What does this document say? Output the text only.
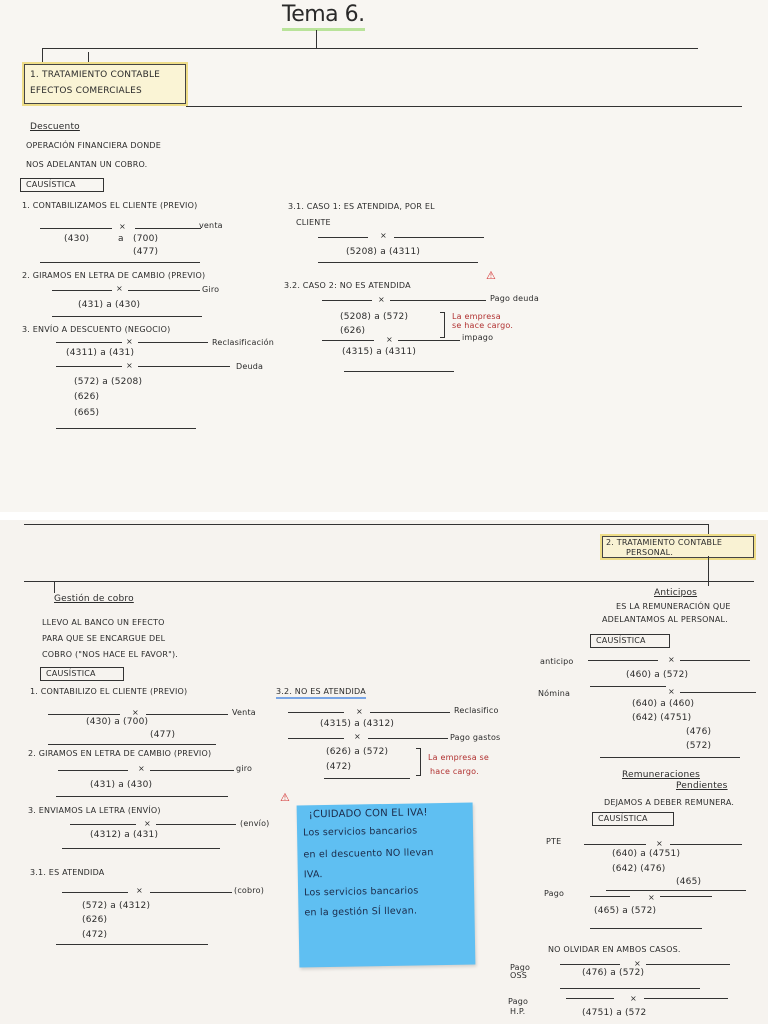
Tema 6.
1. TRATAMIENTO CONTABLE
EFECTOS COMERCIALES
Descuento
OPERACIÓN FINANCIERA DONDE
NOS ADELANTAN UN COBRO.
CAUSÍSTICA
1. CONTABILIZAMOS EL CLIENTE (PREVIO)
×	venta
(430)	a (700)
(477)
2. GIRAMOS EN LETRA DE CAMBIO (PREVIO)
×	Giro
(431) a (430)
3. ENVÍO A DESCUENTO (NEGOCIO)
×	Reclasificación
(4311) a (431)
×	Deuda
(572) a (5208)
(626)
(665)
3.1. CASO 1: ES ATENDIDA, POR EL
CLIENTE
×
(5208) a (4311)
3.2. CASO 2: NO ES ATENDIDA
⚠
×	Pago deuda
(5208) a (572)
(626)
La empresa
se hace cargo.
×	impago
(4315) a (4311)
2. TRATAMIENTO CONTABLE
PERSONAL.
Gestión de cobro
LLEVO AL BANCO UN EFECTO
PARA QUE SE ENCARGUE DEL
COBRO ("NOS HACE EL FAVOR").
CAUSÍSTICA
1. CONTABILIZO EL CLIENTE (PREVIO)
×	Venta
(430) a (700)
(477)
2. GIRAMOS EN LETRA DE CAMBIO (PREVIO)
×	giro
(431) a (430)
3. ENVIAMOS LA LETRA (ENVÍO)
×	(envío)
(4312) a (431)
3.1. ES ATENDIDA
×	(cobro)
(572) a (4312)
(626)
(472)
3.2. NO ES ATENDIDA
×	Reclasifico
(4315) a (4312)
×	Pago gastos
(626) a (572)
(472)
La empresa se
hace cargo.
⚠
¡CUIDADO CON EL IVA!
Los servicios bancarios
en el descuento NO llevan
IVA.
Los servicios bancarios
en la gestión SÍ llevan.
Anticipos
ES LA REMUNERACIÓN QUE
ADELANTAMOS AL PERSONAL.
CAUSÍSTICA
anticipo	×
(460) a (572)
Nómina	×
(640) a (460)
(642) (4751)
(476)
(572)
Remuneraciones
Pendientes
DEJAMOS A DEBER REMUNERA.
CAUSÍSTICA
PTE	×
(640) a (4751)
(642) (476)
(465)
Pago	×
(465) a (572)
NO OLVIDAR EN AMBOS CASOS.
Pago
OSS
×
(476) a (572)
Pago
H.P.
×
(4751) a (572
